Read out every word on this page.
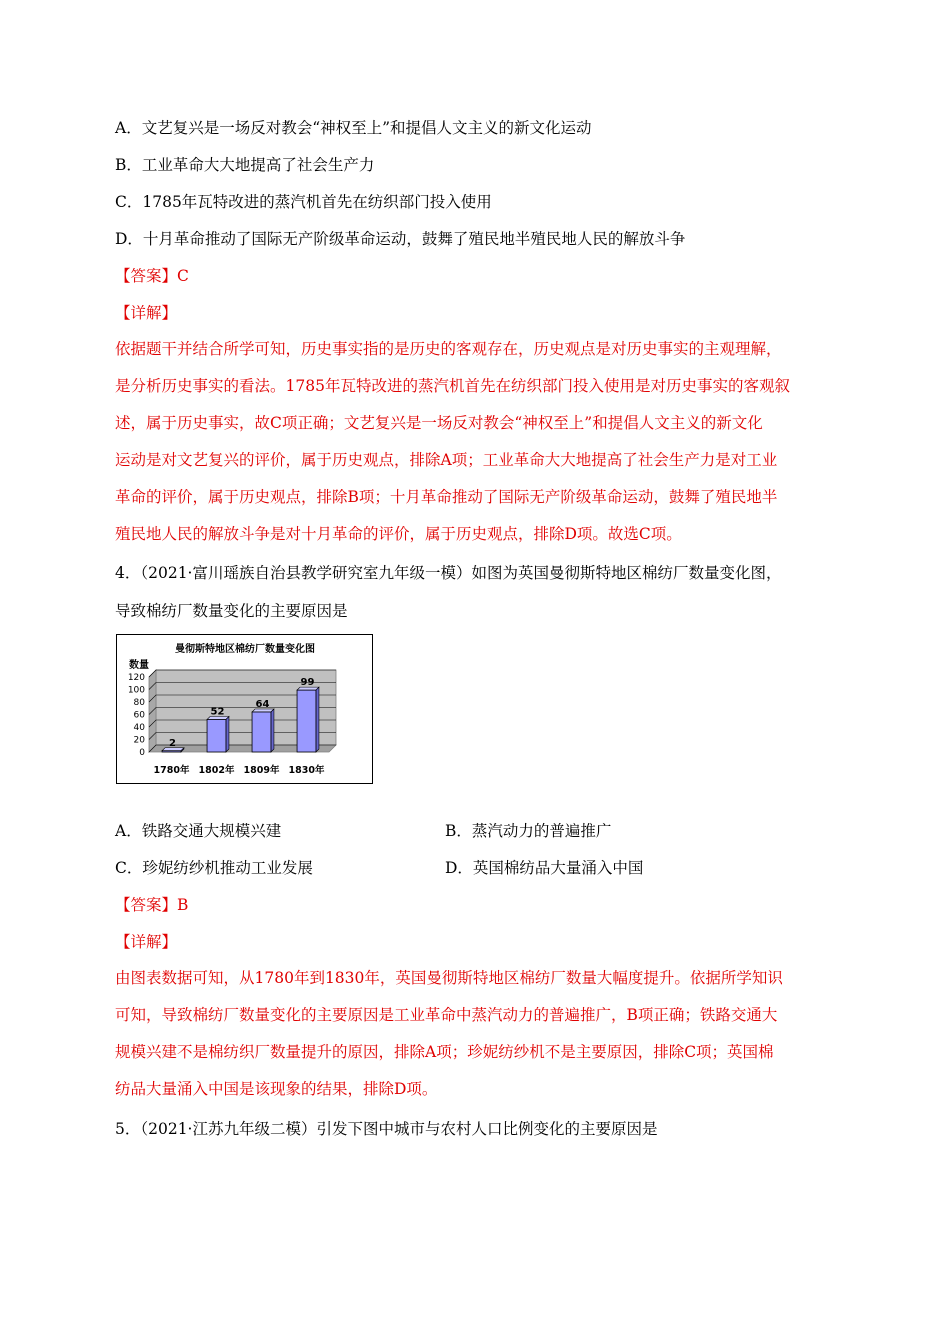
A．文艺复兴是一场反对教会“神权至上”和提倡人文主义的新文化运动
B．工业革命大大地提高了社会生产力
C．1785年瓦特改进的蒸汽机首先在纺织部门投入使用
D．十月革命推动了国际无产阶级革命运动，鼓舞了殖民地半殖民地人民的解放斗争
【答案】C
【详解】
依据题干并结合所学可知，历史事实指的是历史的客观存在，历史观点是对历史事实的主观理解，
是分析历史事实的看法。1785年瓦特改进的蒸汽机首先在纺织部门投入使用是对历史事实的客观叙
述，属于历史事实，故C项正确；文艺复兴是一场反对教会“神权至上”和提倡人文主义的新文化
运动是对文艺复兴的评价，属于历史观点，排除A项；工业革命大大地提高了社会生产力是对工业
革命的评价，属于历史观点，排除B项；十月革命推动了国际无产阶级革命运动，鼓舞了殖民地半
殖民地人民的解放斗争是对十月革命的评价，属于历史观点，排除D项。故选C项。
4．（2021·富川瑶族自治县教学研究室九年级一模）如图为英国曼彻斯特地区棉纺厂数量变化图，
导致棉纺厂数量变化的主要原因是
曼彻斯特地区棉纺厂数量变化图
数量
0
20
40
60
80
100
120
2
1780年
52
1802年
64
1809年
99
1830年
A．铁路交通大规模兴建	B．蒸汽动力的普遍推广
C．珍妮纺纱机推动工业发展	D．英国棉纺品大量涌入中国
【答案】B
【详解】
由图表数据可知，从1780年到1830年，英国曼彻斯特地区棉纺厂数量大幅度提升。依据所学知识
可知，导致棉纺厂数量变化的主要原因是工业革命中蒸汽动力的普遍推广，B项正确；铁路交通大
规模兴建不是棉纺织厂数量提升的原因，排除A项；珍妮纺纱机不是主要原因，排除C项；英国棉
纺品大量涌入中国是该现象的结果，排除D项。
5．（2021·江苏九年级二模）引发下图中城市与农村人口比例变化的主要原因是
